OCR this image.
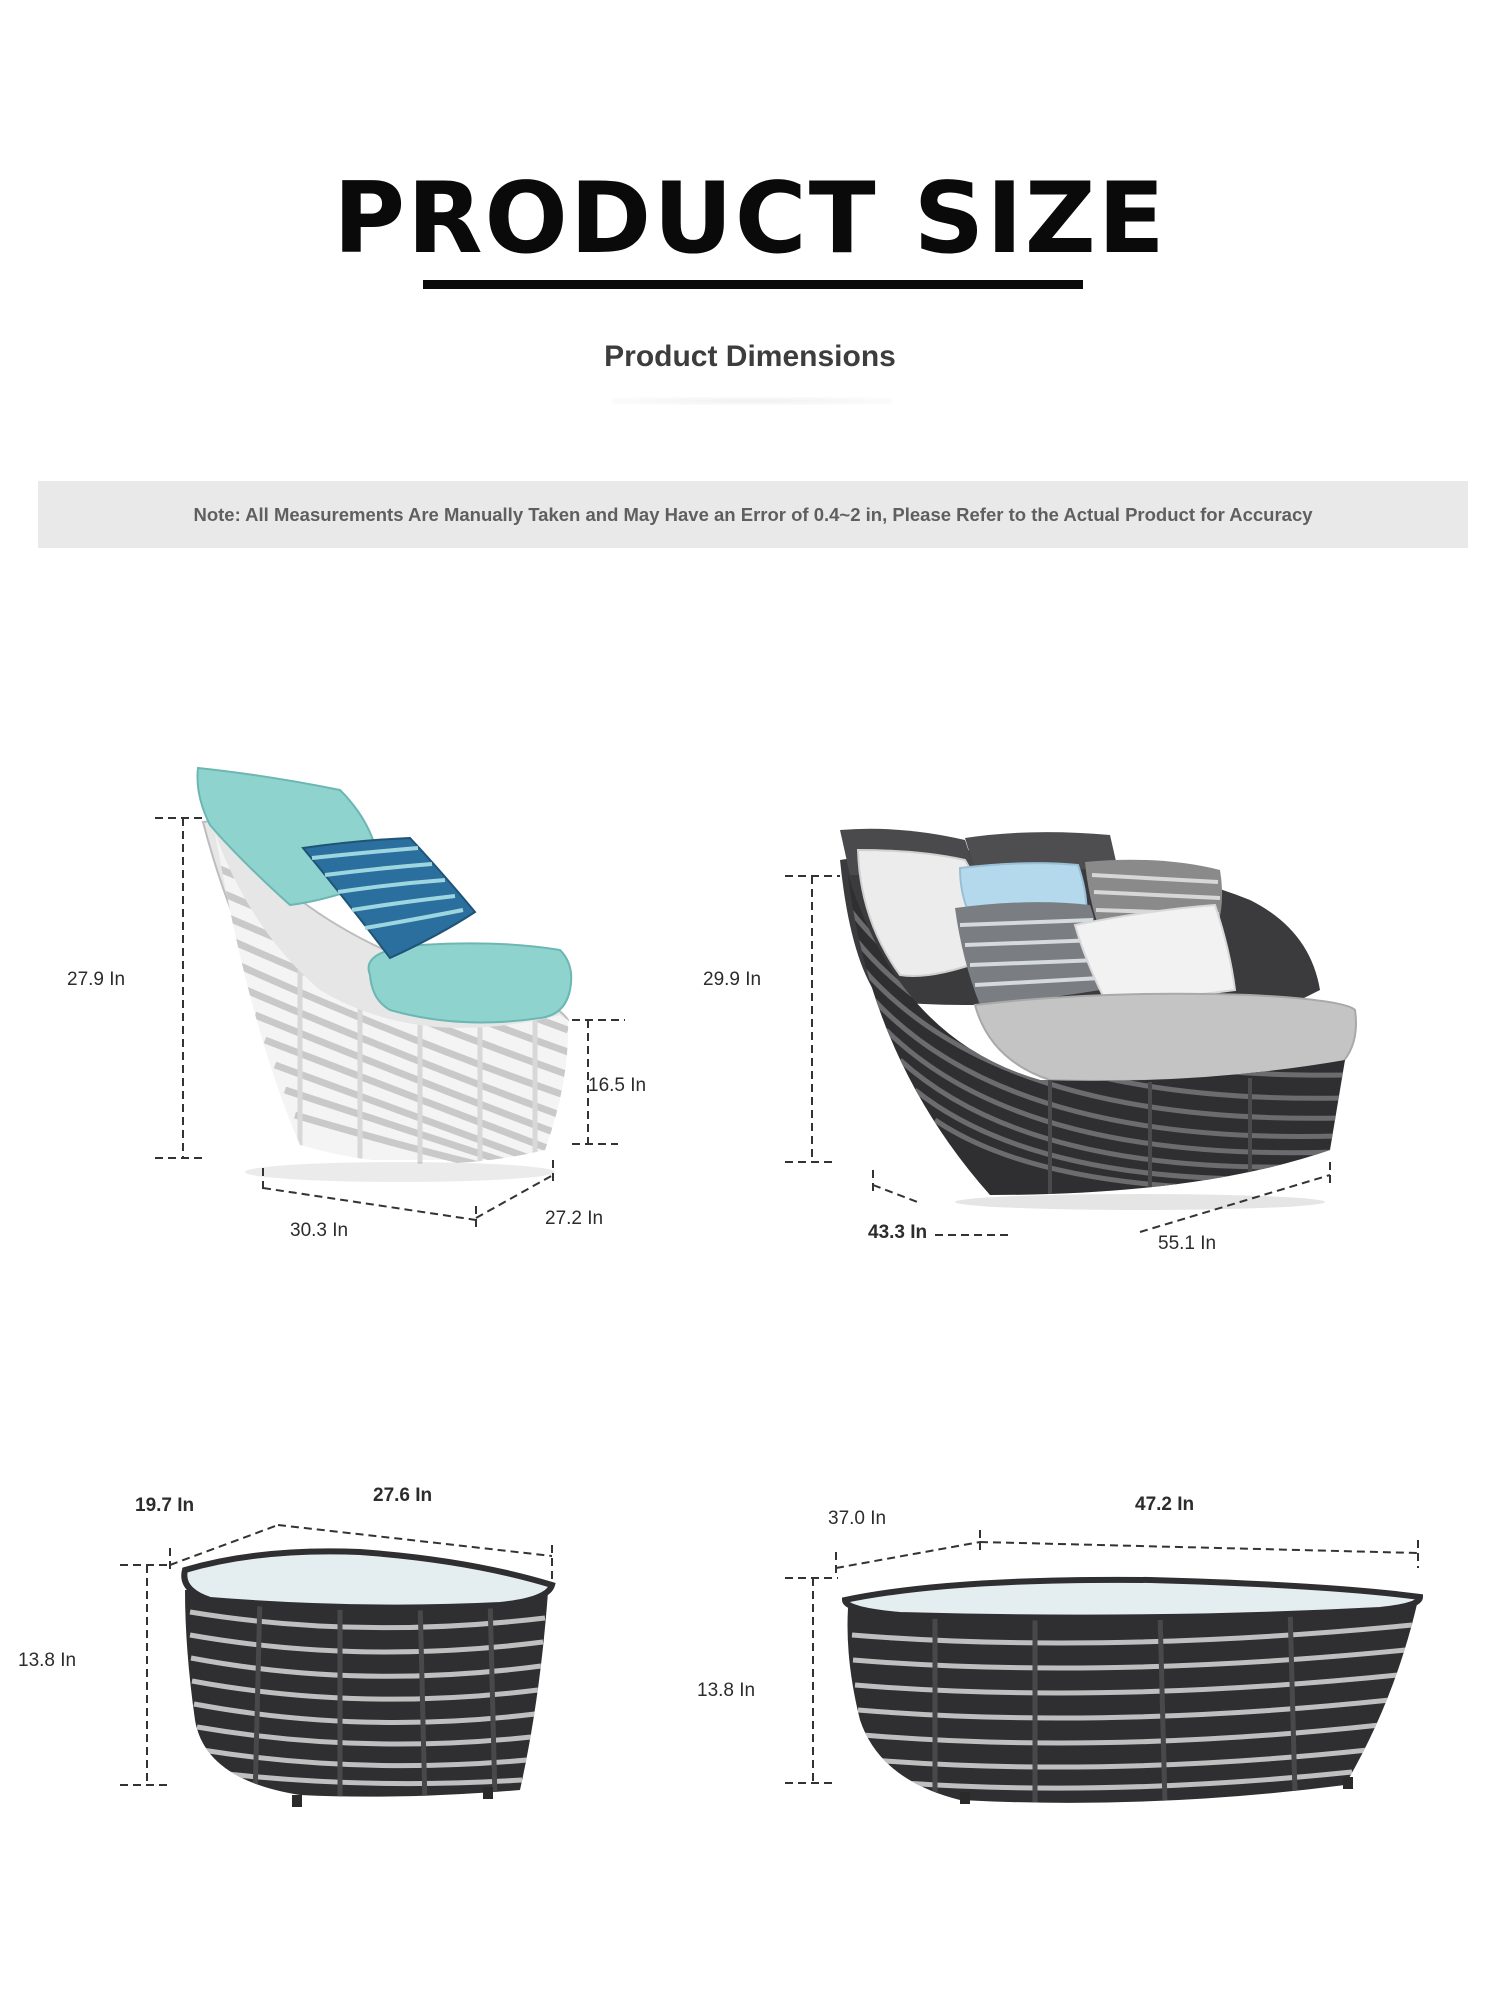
PRODUCT SIZE
Product Dimensions
Note: All Measurements Are Manually Taken and May Have an Error of 0.4~2 in, Please Refer to the Actual Product for Accuracy
27.9 In
16.5 In
30.3 In
27.2 In
29.9 In
43.3 In
55.1 In
19.7 In	27.6 In
13.8 In
37.0 In
47.2 In
13.8 In
